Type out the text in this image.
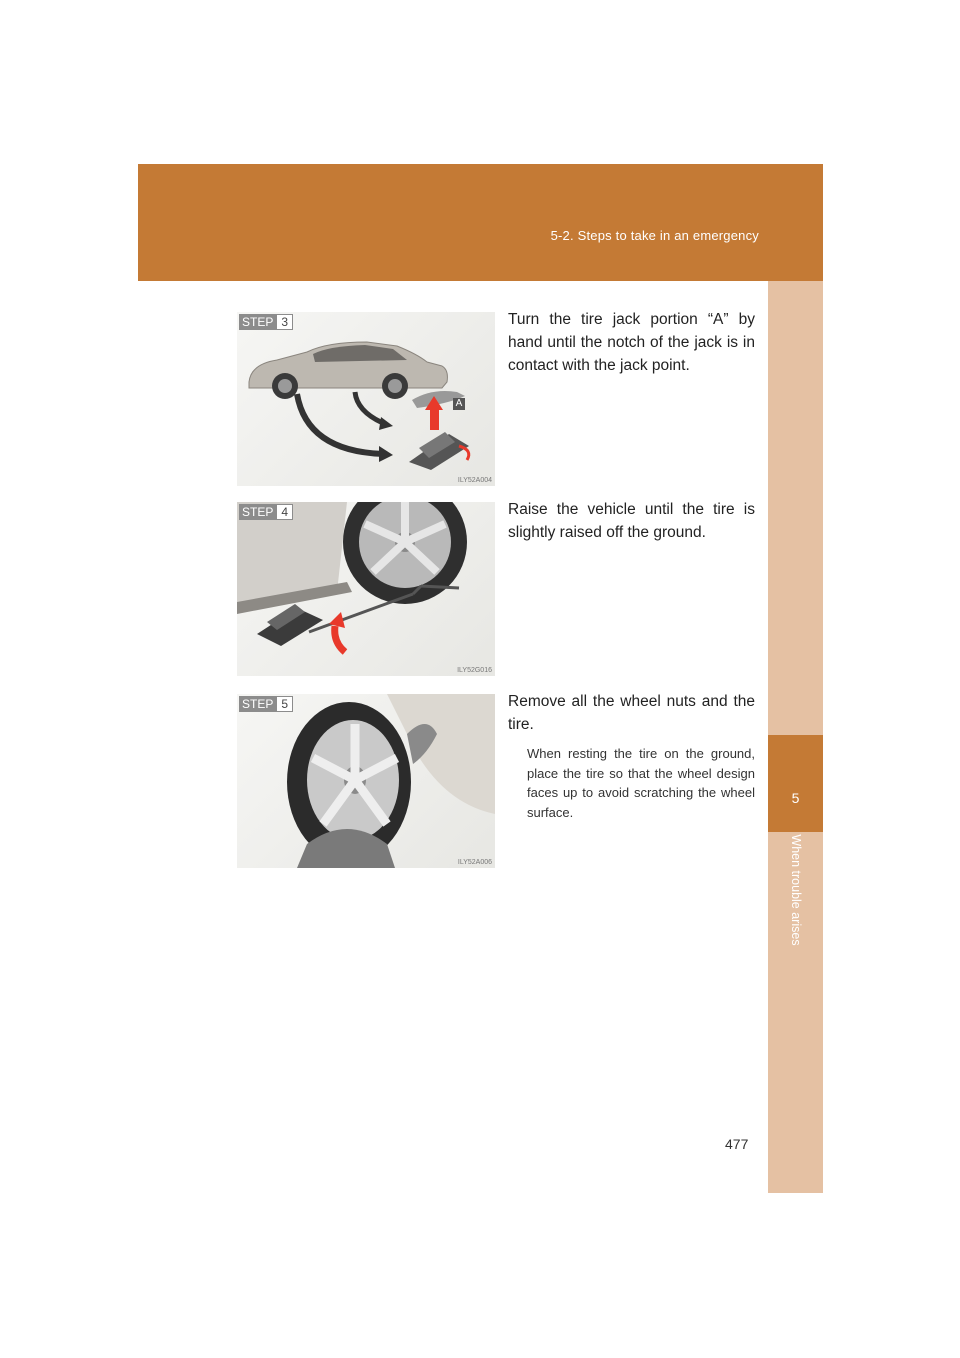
5-2. Steps to take in an emergency
5
When trouble arises
STEP 3
A
ILY52A004

Turn the tire jack portion “A” by hand until the notch of the jack is in contact with the jack point.

STEP 4
ILY52G016

Raise the vehicle until the tire is slightly raised off the ground.

STEP 5
ILY52A006

Remove all the wheel nuts and the tire.

When resting the tire on the ground, place the tire so that the wheel design faces up to avoid scratching the wheel surface.

477
